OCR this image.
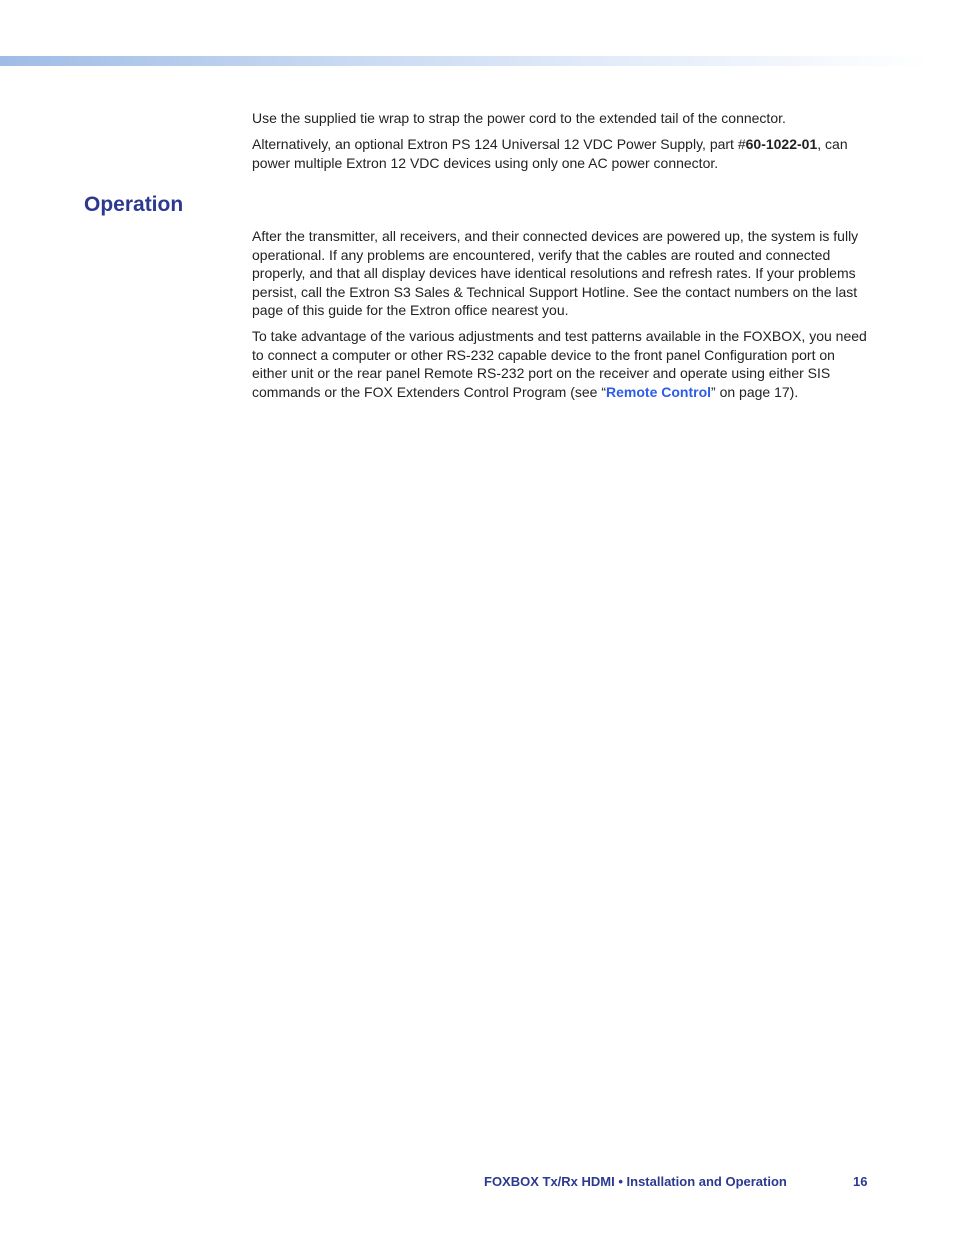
Use the supplied tie wrap to strap the power cord to the extended tail of the connector.

Alternatively, an optional Extron PS 124 Universal 12 VDC Power Supply, part #60-1022-01, can power multiple Extron 12 VDC devices using only one AC power connector.

Operation

After the transmitter, all receivers, and their connected devices are powered up, the system is fully operational. If any problems are encountered, verify that the cables are routed and connected properly, and that all display devices have identical resolutions and refresh rates. If your problems persist, call the Extron S3 Sales & Technical Support Hotline. See the contact numbers on the last page of this guide for the Extron office nearest you.

To take advantage of the various adjustments and test patterns available in the FOXBOX, you need to connect a computer or other RS-232 capable device to the front panel Configuration port on either unit or the rear panel Remote RS-232 port on the receiver and operate using either SIS commands or the FOX Extenders Control Program (see “Remote Control” on page 17).

FOXBOX Tx/Rx HDMI • Installation and Operation	16
